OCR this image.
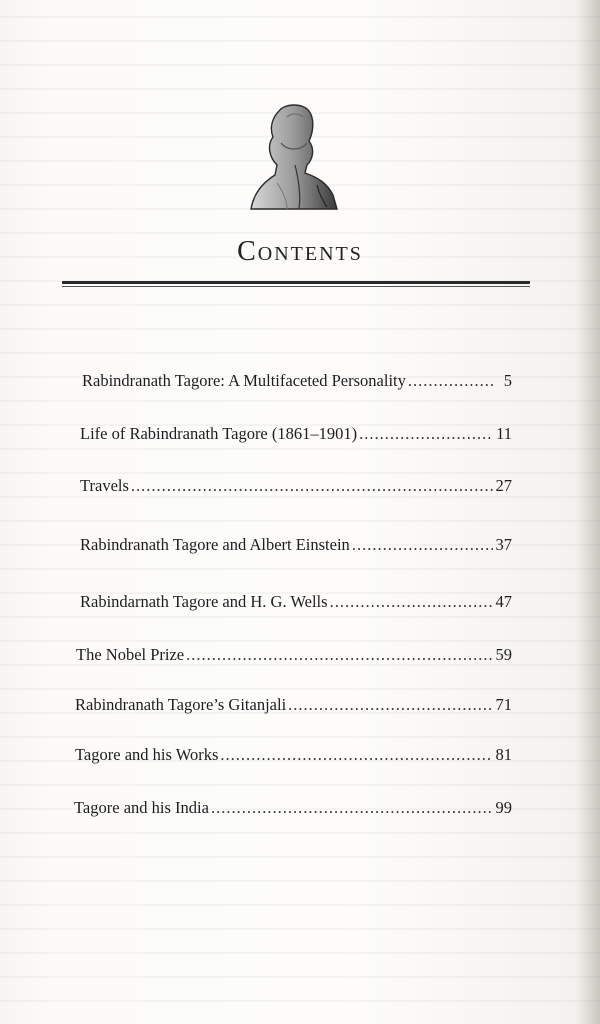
Contents
Rabindranath Tagore: A Multifaceted Personality .....	5
Life of Rabindranath Tagore (1861–1901) .....	11
Travels .....	27
Rabindranath Tagore and Albert Einstein .....	37
Rabindarnath Tagore and H. G. Wells .....	47
The Nobel Prize .....	59
Rabindranath Tagore’s Gitanjali .....	71
Tagore and his Works .....	81
Tagore and his India .....	99
